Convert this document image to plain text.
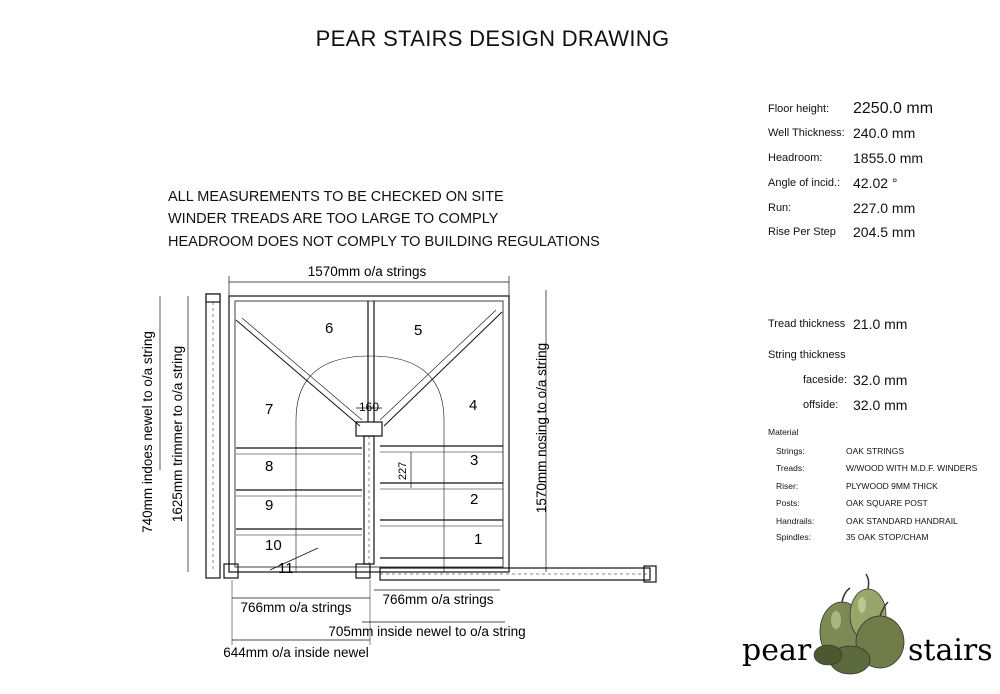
PEAR STAIRS DESIGN DRAWING
ALL MEASUREMENTS TO BE CHECKED ON SITE
WINDER TREADS ARE TOO LARGE TO COMPLY
HEADROOM DOES NOT COMPLY TO BUILDING REGULATIONS
Floor height: 2250.0 mm
Well Thickness: 240.0 mm
Headroom: 1855.0 mm
Angle of incid.: 42.02 °
Run:	227.0 mm
Rise Per Step 204.5 mm
Tread thickness 21.0 mm
String thickness
faceside: 32.0 mm
offside: 32.0 mm
Material
Strings:	OAK STRINGS
Treads:	W/WOOD WITH M.D.F. WINDERS
Riser:	PLYWOOD 9MM THICK
Posts:	OAK SQUARE POST
Handrails:	OAK STANDARD HANDRAIL
Spindles:	35 OAK STOP/CHAM
1570mm o/a strings
740mm indoes newel to o/a string 1625mm trimmer to o/a string	1570mm nosing to o/a string
766mm o/a strings
766mm o/a strings
705mm inside newel to o/a string
644mm o/a inside newel
160
227
1
2
3
4
5
6
7
8
9
10
11
pear	stairs
